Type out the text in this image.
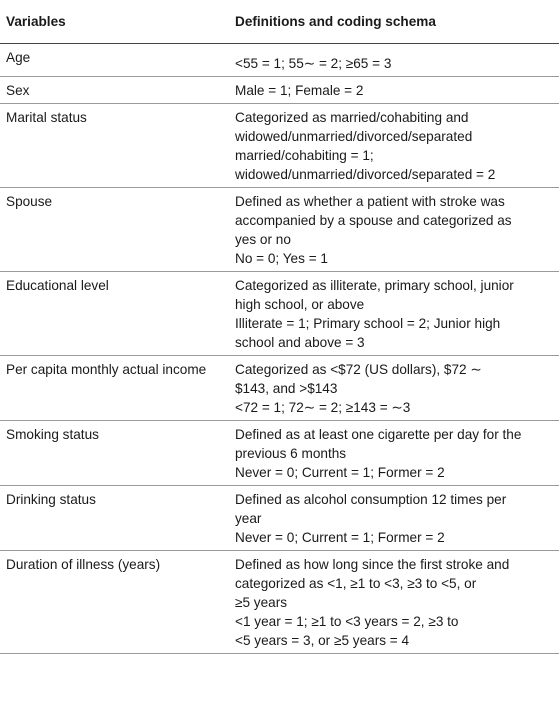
Variables	Definitions and coding schema
Age	<55 = 1; 55∼ = 2; ≥65 = 3

Sex	Male = 1; Female = 2

Marital status	Categorized as married/cohabiting and
widowed/unmarried/divorced/separated
married/cohabiting = 1;
widowed/unmarried/divorced/separated = 2

Spouse	Defined as whether a patient with stroke was
accompanied by a spouse and categorized as
yes or no
No = 0; Yes = 1

Educational level	Categorized as illiterate, primary school, junior
high school, or above
Illiterate = 1; Primary school = 2; Junior high
school and above = 3

Per capita monthly actual income	Categorized as <$72 (US dollars), $72 ∼
$143, and >$143
<72 = 1; 72∼ = 2; ≥143 = ∼3

Smoking status	Defined as at least one cigarette per day for the
previous 6 months
Never = 0; Current = 1; Former = 2

Drinking status	Defined as alcohol consumption 12 times per
year
Never = 0; Current = 1; Former = 2

Duration of illness (years)	Defined as how long since the first stroke and
categorized as <1, ≥1 to <3, ≥3 to <5, or
≥5 years
<1 year = 1; ≥1 to <3 years = 2, ≥3 to
<5 years = 3, or ≥5 years = 4
